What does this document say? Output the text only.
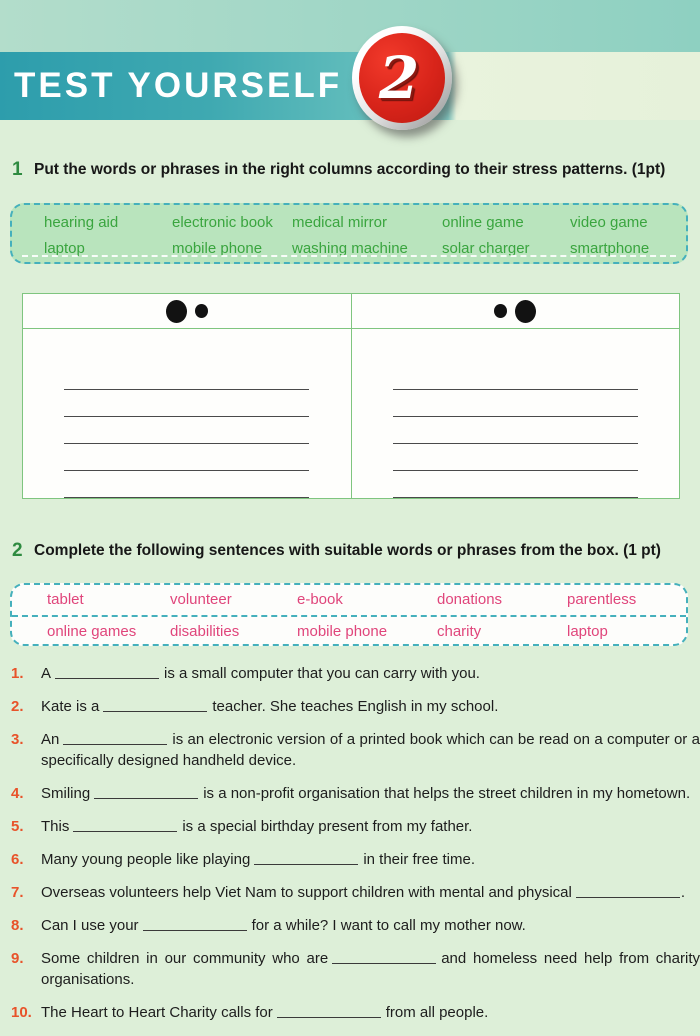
TEST YOURSELF 2
1 Put the words or phrases in the right columns according to their stress patterns. (1pt)
hearing aid	electronic book	medical mirror	online game	video game
laptop	mobile phone	washing machine	solar charger	smartphone
2 Complete the following sentences with suitable words or phrases from the box. (1 pt)
tablet	volunteer	e-book	donations	parentless
online games	disabilities	mobile phone	charity	laptop
1.	A	is a small computer that you can carry with you.

2.	Kate is a	teacher. She teaches English in my school.

3.	An	is an electronic version of a printed book which can be read on a computer or a specifically designed handheld device.

4.	Smiling	is a non-profit organisation that helps the street children in my hometown.

5.	This	is a special birthday present from my father.

6.	Many young people like playing	in their free time.

7.	Overseas volunteers help Viet Nam to support children with mental and physical	.

8.	Can I use your	for a while? I want to call my mother now.

9.	Some children in our community who are	and homeless need help from charity organisations.

10. The Heart to Heart Charity calls for	from all people.
